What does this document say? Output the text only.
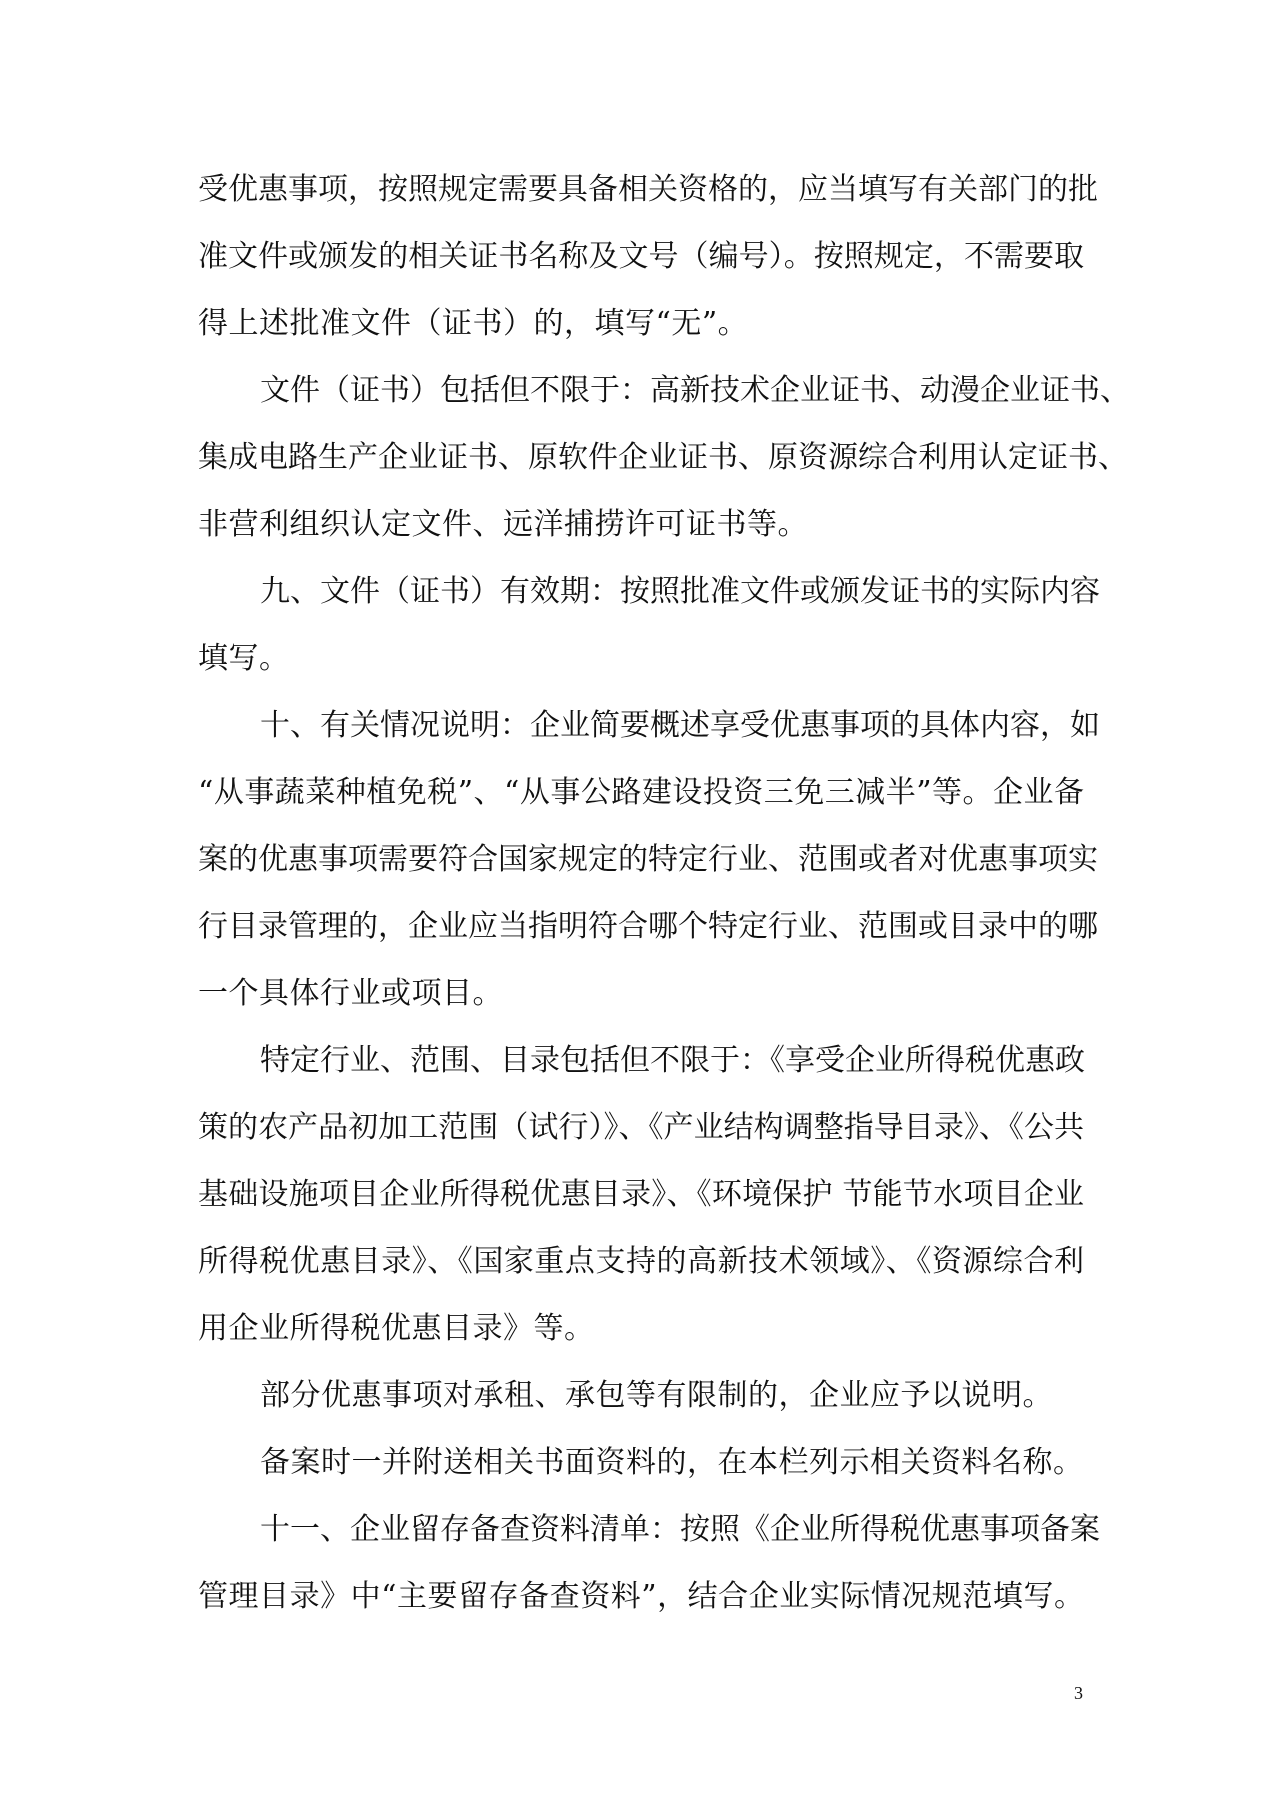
受优惠事项，按照规定需要具备相关资格的，应当填写有关部门的批
准文件或颁发的相关证书名称及文号（编号）。按照规定，不需要取
得上述批准文件（证书）的，填写“无”。
文件（证书）包括但不限于：高新技术企业证书、动漫企业证书、
集成电路生产企业证书、原软件企业证书、原资源综合利用认定证书、
非营利组织认定文件、远洋捕捞许可证书等。
九、文件（证书）有效期：按照批准文件或颁发证书的实际内容
填写。
十、有关情况说明：企业简要概述享受优惠事项的具体内容，如
“从事蔬菜种植免税”、“从事公路建设投资三免三减半”等。企业备
案的优惠事项需要符合国家规定的特定行业、范围或者对优惠事项实
行目录管理的，企业应当指明符合哪个特定行业、范围或目录中的哪
一个具体行业或项目。
特定行业、范围、目录包括但不限于：《享受企业所得税优惠政
策的农产品初加工范围（试行）》、《产业结构调整指导目录》、《公共
基础设施项目企业所得税优惠目录》、《环境保护 节能节水项目企业
所得税优惠目录》、《国家重点支持的高新技术领域》、《资源综合利
用企业所得税优惠目录》等。
部分优惠事项对承租、承包等有限制的，企业应予以说明。
备案时一并附送相关书面资料的，在本栏列示相关资料名称。
十一、企业留存备查资料清单：按照《企业所得税优惠事项备案
管理目录》中“主要留存备查资料”，结合企业实际情况规范填写。
3
